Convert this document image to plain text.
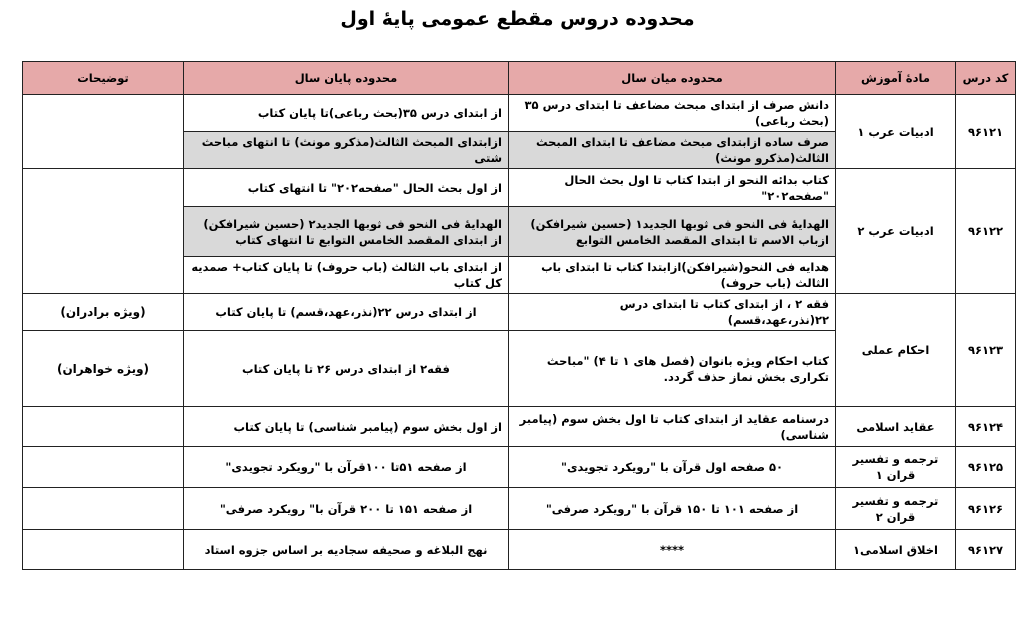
محدوده دروس مقطع عمومی پایهٔ اول
کد درس	مادهٔ آموزش	محدوده میان سال	محدوده پایان سال	توضیحات
۹۶۱۲۱	ادبیات عرب ۱	دانش صرف از ابتدای مبحث مضاعف تا ابتدای درس ۳۵ (بحث رباعی)	از ابتدای درس ۳۵(بحث رباعی)تا پایان کتاب	
		صرف ساده ازابتدای مبحث مضاعف تا ابتدای المبحث الثالث(مذکرو مونث)	ازابتدای المبحث الثالث(مذکرو مونث) تا انتهای مباحث شتی	
۹۶۱۲۲	ادبیات عرب ۲	کتاب بدائه النحو از ابتدا کتاب تا اول بحث الحال "صفحه۲۰۲"	از اول بحث الحال "صفحه۲۰۲" تا انتهای کتاب	
		الهدایهٔ فی النحو فی ثوبها الجدید۱ (حسین شیرافکن) ازباب الاسم تا ابتدای المقصد الخامس التوابع	الهدایهٔ فی النحو فی ثوبها الجدید۲ (حسین شیرافکن) از ابتدای المقصد الخامس التوابع تا انتهای کتاب	
		هدایه فی النحو(شیرافکن)ازابتدا کتاب تا ابتدای باب الثالث (باب حروف)	از ابتدای باب الثالث (باب حروف) تا پایان کتاب+ صمدیه کل کتاب	
۹۶۱۲۳	احکام عملی	فقه ۲ ، از ابتدای کتاب تا ابتدای درس ۲۲(نذر،عهد،قسم)	از ابتدای درس ۲۲(نذر،عهد،قسم) تا پایان کتاب	(ویژه برادران)
		کتاب احکام ویژه بانوان (فصل های ۱ تا ۴) "مباحث تکراری بخش نماز حذف گردد.	فقه۲ از ابتدای درس ۲۶ تا پایان کتاب	(ویژه خواهران)
۹۶۱۲۴	عقاید اسلامی	درسنامه عقاید از ابتدای کتاب تا اول بخش سوم (پیامبر شناسی)	از اول بخش سوم (پیامبر شناسی) تا پایان کتاب	
۹۶۱۲۵	ترجمه و تفسیر قران ۱	۵۰ صفحه اول قرآن با "رویکرد تجویدی"	از صفحه ۵۱تا ۱۰۰قرآن با "رویکرد تجویدی"	
۹۶۱۲۶	ترجمه و تفسیر قران ۲	از صفحه ۱۰۱ تا ۱۵۰ قرآن با "رویکرد صرفی"	از صفحه ۱۵۱ تا ۲۰۰ قرآن با" رویکرد صرفی"	
۹۶۱۲۷	اخلاق اسلامی۱	****	نهج البلاغه و صحیفه سجادیه بر اساس جزوه استاد	
